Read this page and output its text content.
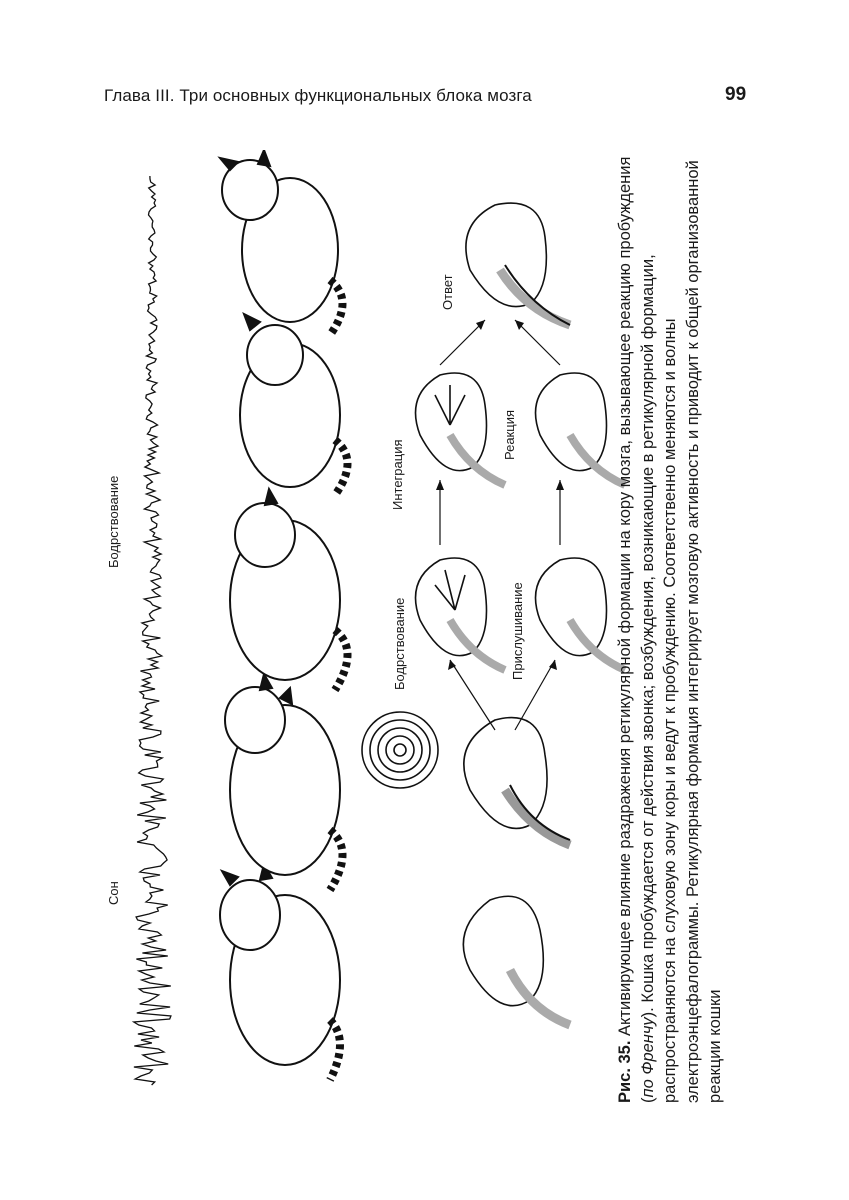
Глава III. Три основных функциональных блока мозга	99
Сон
Бодрствование
Бодрствование	Прислушивание
Интеграция
Реакция
Ответ
Рис. 35. Активирующее влияние раздражения ретикулярной формации на кору мозга, вызывающее реакцию пробуждения (по Френчу). Кошка пробуждается от действия звонка; возбуждения, возникающие в ретикулярной формации, распространяются на слуховую зону коры и ведут к пробуждению. Соответственно меняются и волны электроэнцефалограммы. Ретикулярная формация интегрирует мозговую активность и приводит к общей организованной реакции кошки
